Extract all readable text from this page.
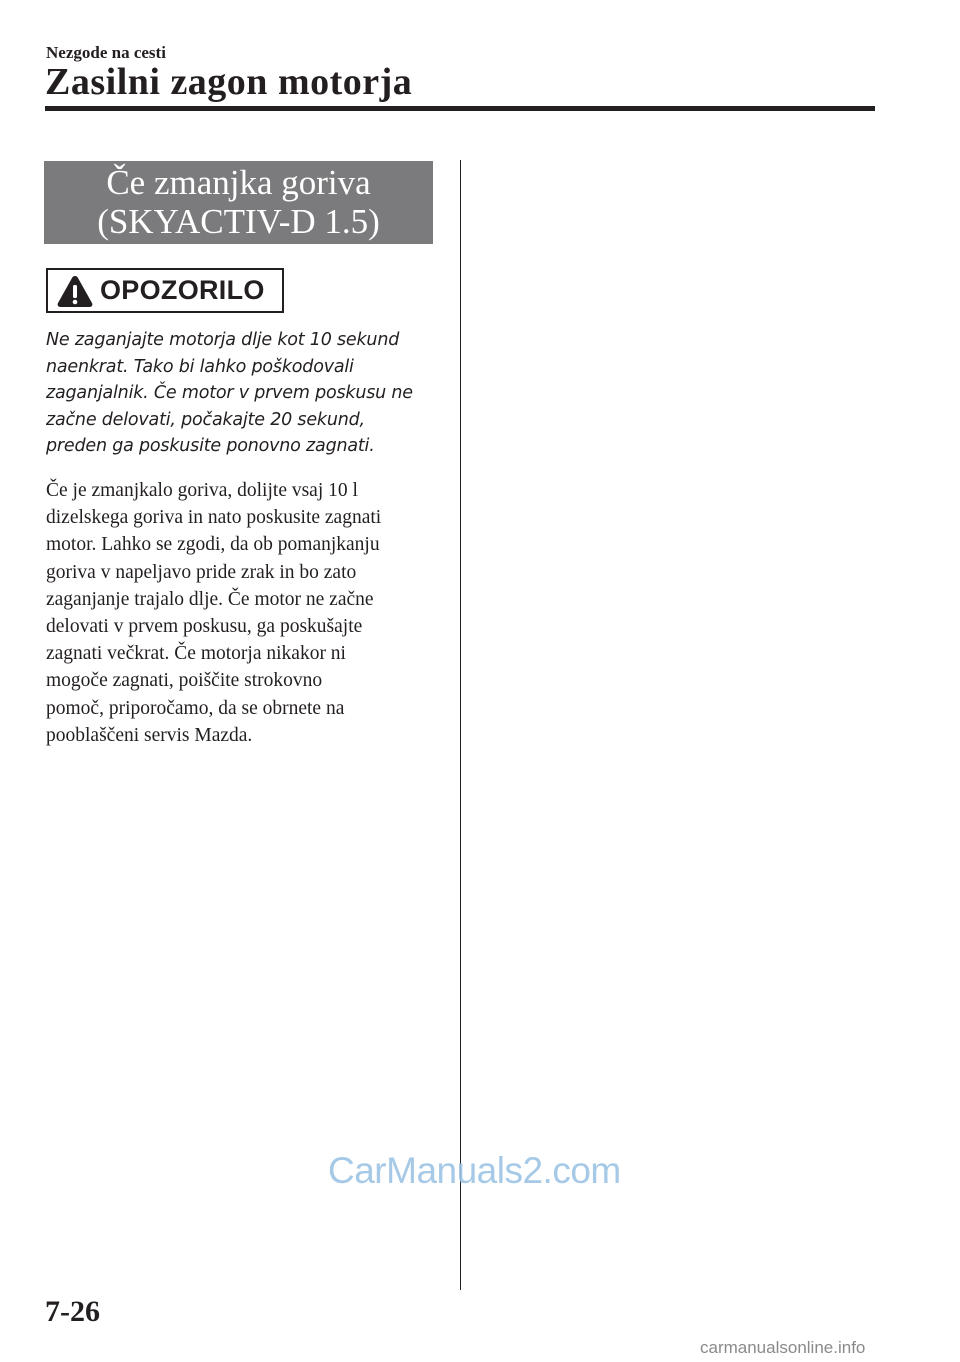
Nezgode na cesti
Zasilni zagon motorja
Če zmanjka goriva
(SKYACTIV-D 1.5)
OPOZORILO
Ne zaganjajte motorja dlje kot 10 sekund
naenkrat. Tako bi lahko poškodovali
zaganjalnik. Če motor v prvem poskusu ne
začne delovati, počakajte 20 sekund,
preden ga poskusite ponovno zagnati.
Če je zmanjkalo goriva, dolijte vsaj 10 l
dizelskega goriva in nato poskusite zagnati
motor. Lahko se zgodi, da ob pomanjkanju
goriva v napeljavo pride zrak in bo zato
zaganjanje trajalo dlje. Če motor ne začne
delovati v prvem poskusu, ga poskušajte
zagnati večkrat. Če motorja nikakor ni
mogoče zagnati, poiščite strokovno
pomoč, priporočamo, da se obrnete na
pooblaščeni servis Mazda.
CarManuals2.com
7-26
carmanualsonline.info
